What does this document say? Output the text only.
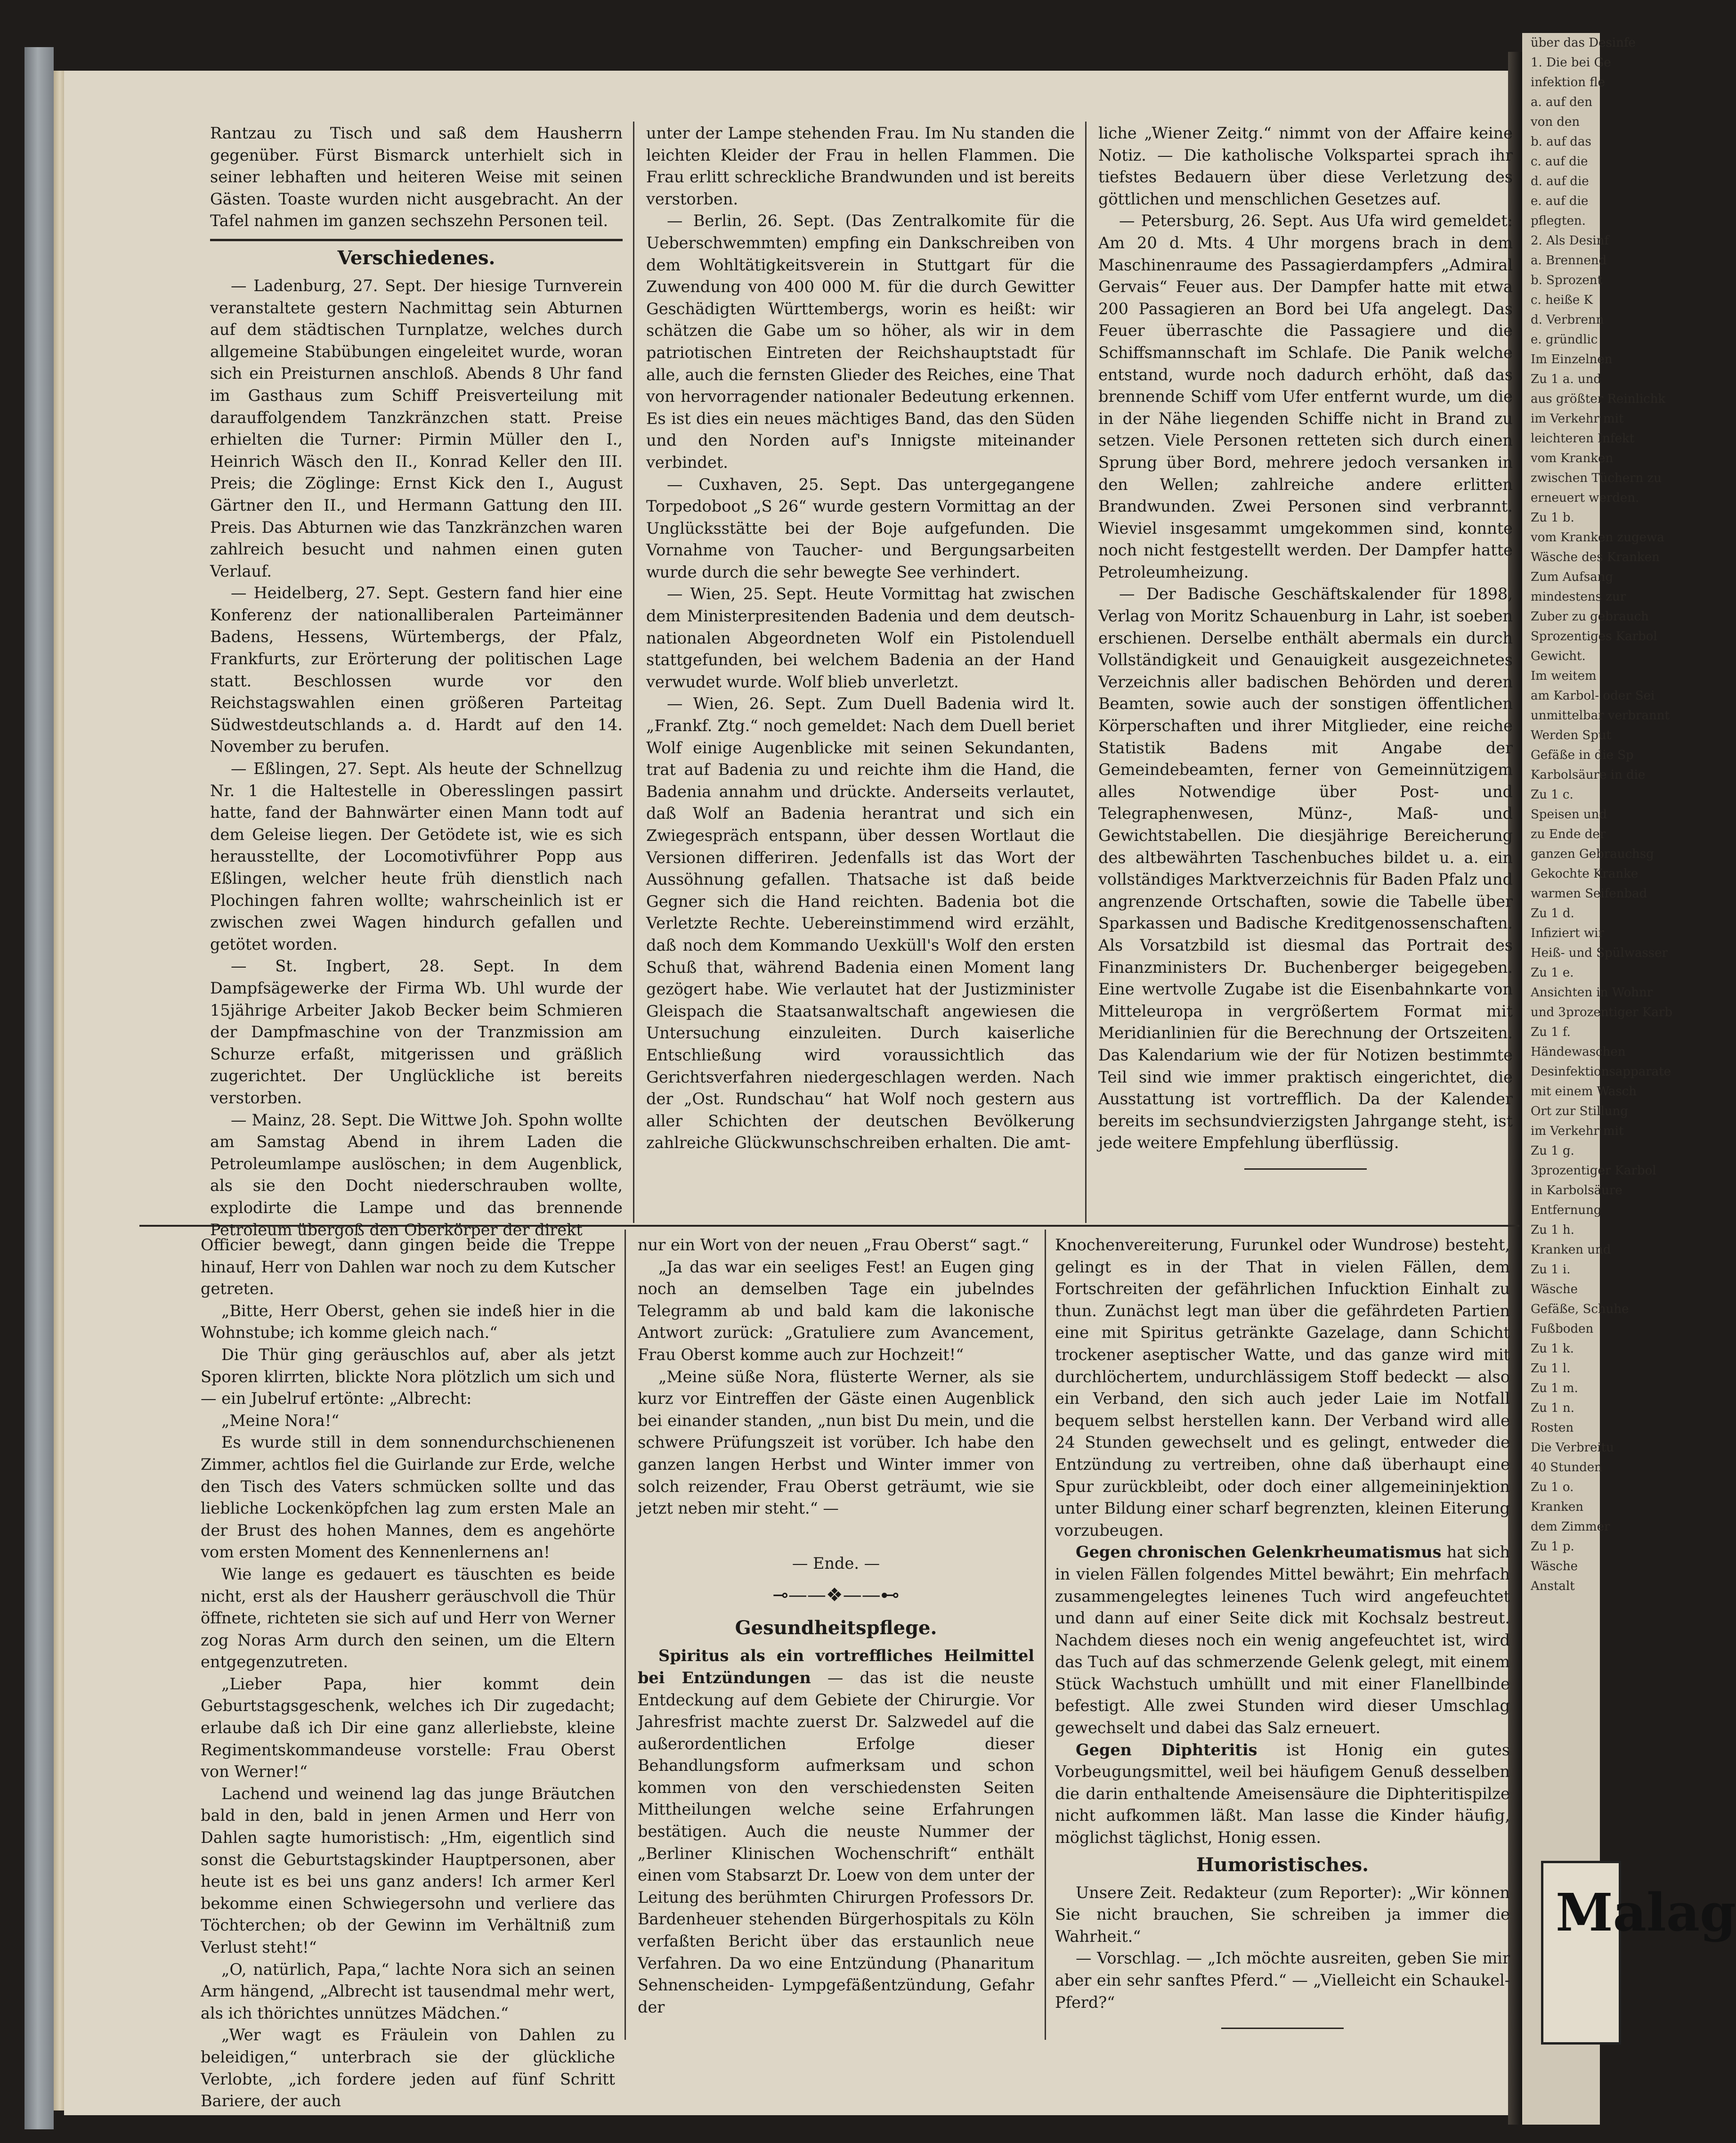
über das Desinfe
1. Die bei Ge
infektion fle
a. auf den
von den
b. auf das
c. auf die
d. auf die
e. auf die
pflegten.
2. Als Desinf
a. Brennend
b. Sprozent
c. heiße K
d. Verbrenn
e. gründlic
Im Einzelnen
Zu 1 a. und
aus größter Reinlichk
im Verkehr mit
leichteren Infekt
vom Kranken
zwischen Tüchern zu
erneuert werden.
Zu 1 b.
vom Kranken zugewa
Wäsche des Kranken
Zum Aufsang
mindestens zur
Zuber zu gebrauch
Sprozentiges Karbol
Gewicht.
Im weitem
am Karbol- oder Sei
unmittelbar verbrannt
Werden Sput
Gefäße in die Sp
Karbolsäure in die
Zu 1 c.
Speisen und
zu Ende der
ganzen Gebrauchsg
Gekochte Kranke
warmen Seifenbad
Zu 1 d.
Infiziert wir
Heiß- und Spülwasser
Zu 1 e.
Ansichten in Wohnr
und 3prozentiger Karb
Zu 1 f.
Händewaschen
Desinfektionsapparate
mit einem Wasch
Ort zur Stillung
im Verkehr mit
Zu 1 g.
3prozentiger Karbol
in Karbolsäure
Entfernung
Zu 1 h.
Kranken und
Zu 1 i.
Wäsche
Gefäße, Schuhe
Fußboden
Zu 1 k.
Zu 1 l.
Zu 1 m.
Zu 1 n.
Rosten
Die Verbreitu
40 Stunden
Zu 1 o.
Kranken
dem Zimmer
Zu 1 p.
Wäsche
Anstalt
Malag

Rantzau zu Tisch und saß dem Hausherrn gegenüber. Fürst Bismarck unterhielt sich in seiner lebhaften und heiteren Weise mit seinen Gästen. Toaste wurden nicht ausgebracht. An der Tafel nahmen im ganzen sechszehn Personen teil.

Verschiedenes.

— Ladenburg, 27. Sept. Der hiesige Turnverein veranstaltete gestern Nachmittag sein Abturnen auf dem städtischen Turnplatze, welches durch allgemeine Stabübungen eingeleitet wurde, woran sich ein Preisturnen anschloß. Abends 8 Uhr fand im Gasthaus zum Schiff Preisverteilung mit darauffolgendem Tanzkränzchen statt. Preise erhielten die Turner: Pirmin Müller den I., Heinrich Wäsch den II., Konrad Keller den III. Preis; die Zöglinge: Ernst Kick den I., August Gärtner den II., und Hermann Gattung den III. Preis. Das Abturnen wie das Tanzkränzchen waren zahlreich besucht und nahmen einen guten Verlauf.

— Heidelberg, 27. Sept. Gestern fand hier eine Konferenz der nationalliberalen Parteimänner Badens, Hessens, Würtembergs, der Pfalz, Frankfurts, zur Erörterung der politischen Lage statt. Beschlossen wurde vor den Reichstagswahlen einen größeren Parteitag Südwestdeutschlands a. d. Hardt auf den 14. November zu berufen.

— Eßlingen, 27. Sept. Als heute der Schnellzug Nr. 1 die Haltestelle in Oberesslingen passirt hatte, fand der Bahnwärter einen Mann todt auf dem Geleise liegen. Der Getödete ist, wie es sich herausstellte, der Locomotivführer Popp aus Eßlingen, welcher heute früh dienstlich nach Plochingen fahren wollte; wahrscheinlich ist er zwischen zwei Wagen hindurch gefallen und getötet worden.

— St. Ingbert, 28. Sept. In dem Dampfsägewerke der Firma Wb. Uhl wurde der 15jährige Arbeiter Jakob Becker beim Schmieren der Dampfmaschine von der Tranzmission am Schurze erfaßt, mitgerissen und gräßlich zugerichtet. Der Unglückliche ist bereits verstorben.

— Mainz, 28. Sept. Die Wittwe Joh. Spohn wollte am Samstag Abend in ihrem Laden die Petroleumlampe auslöschen; in dem Augenblick, als sie den Docht niederschrauben wollte, explodirte die Lampe und das brennende Petroleum übergoß den Oberkörper der direkt

unter der Lampe stehenden Frau. Im Nu standen die leichten Kleider der Frau in hellen Flammen. Die Frau erlitt schreckliche Brandwunden und ist bereits verstorben.

— Berlin, 26. Sept. (Das Zentralkomite für die Ueberschwemmten) empfing ein Dankschreiben von dem Wohltätigkeitsverein in Stuttgart für die Zuwendung von 400 000 M. für die durch Gewitter Geschädigten Württembergs, worin es heißt: wir schätzen die Gabe um so höher, als wir in dem patriotischen Eintreten der Reichshauptstadt für alle, auch die fernsten Glieder des Reiches, eine That von hervorragender nationaler Bedeutung erkennen. Es ist dies ein neues mächtiges Band, das den Süden und den Norden auf's Innigste miteinander verbindet.

— Cuxhaven, 25. Sept. Das untergegangene Torpedoboot „S 26“ wurde gestern Vormittag an der Unglücksstätte bei der Boje aufgefunden. Die Vornahme von Taucher- und Bergungsarbeiten wurde durch die sehr bewegte See verhindert.

— Wien, 25. Sept. Heute Vormittag hat zwischen dem Ministerpresitenden Badenia und dem deutsch-nationalen Abgeordneten Wolf ein Pistolenduell stattgefunden, bei welchem Badenia an der Hand verwudet wurde. Wolf blieb unverletzt.

— Wien, 26. Sept. Zum Duell Badenia wird lt. „Frankf. Ztg.“ noch gemeldet: Nach dem Duell beriet Wolf einige Augenblicke mit seinen Sekundanten, trat auf Badenia zu und reichte ihm die Hand, die Badenia annahm und drückte. Anderseits verlautet, daß Wolf an Badenia herantrat und sich ein Zwiegespräch entspann, über dessen Wortlaut die Versionen differiren. Jedenfalls ist das Wort der Aussöhnung gefallen. Thatsache ist daß beide Gegner sich die Hand reichten. Badenia bot die Verletzte Rechte. Uebereinstimmend wird erzählt, daß noch dem Kommando Uexküll's Wolf den ersten Schuß that, während Badenia einen Moment lang gezögert habe. Wie verlautet hat der Justizminister Gleispach die Staatsanwaltschaft angewiesen die Untersuchung einzuleiten. Durch kaiserliche Entschließung wird voraussichtlich das Gerichtsverfahren niedergeschlagen werden. Nach der „Ost. Rundschau“ hat Wolf noch gestern aus aller Schichten der deutschen Bevölkerung zahlreiche Glückwunschschreiben erhalten. Die amt-

liche „Wiener Zeitg.“ nimmt von der Affaire keine Notiz. — Die katholische Volkspartei sprach ihr tiefstes Bedauern über diese Verletzung des göttlichen und menschlichen Gesetzes auf.

— Petersburg, 26. Sept. Aus Ufa wird gemeldet: Am 20 d. Mts. 4 Uhr morgens brach in dem Maschinenraume des Passagierdampfers „Admiral Gervais“ Feuer aus. Der Dampfer hatte mit etwa 200 Passagieren an Bord bei Ufa angelegt. Das Feuer überraschte die Passagiere und die Schiffsmannschaft im Schlafe. Die Panik welche entstand, wurde noch dadurch erhöht, daß das brennende Schiff vom Ufer entfernt wurde, um die in der Nähe liegenden Schiffe nicht in Brand zu setzen. Viele Personen retteten sich durch einen Sprung über Bord, mehrere jedoch versanken in den Wellen; zahlreiche andere erlitten Brandwunden. Zwei Personen sind verbrannt. Wieviel insgesammt umgekommen sind, konnte noch nicht festgestellt werden. Der Dampfer hatte Petroleumheizung.

— Der Badische Geschäftskalender für 1898, Verlag von Moritz Schauenburg in Lahr, ist soeben erschienen. Derselbe enthält abermals ein durch Vollständigkeit und Genauigkeit ausgezeichnetes Verzeichnis aller badischen Behörden und deren Beamten, sowie auch der sonstigen öffentlichen Körperschaften und ihrer Mitglieder, eine reiche Statistik Badens mit Angabe der Gemeindebeamten, ferner von Gemeinnützigem alles Notwendige über Post- und Telegraphenwesen, Münz-, Maß- und Gewichtstabellen. Die diesjährige Bereicherung des altbewährten Taschenbuches bildet u. a. ein vollständiges Marktverzeichnis für Baden Pfalz und angrenzende Ortschaften, sowie die Tabelle über Sparkassen und Badische Kreditgenossenschaften. Als Vorsatzbild ist diesmal das Portrait des Finanzministers Dr. Buchenberger beigegeben. Eine wertvolle Zugabe ist die Eisenbahnkarte von Mitteleuropa in vergrößertem Format mit Meridianlinien für die Berechnung der Ortszeiten. Das Kalendarium wie der für Notizen bestimmte Teil sind wie immer praktisch eingerichtet, die Ausstattung ist vortrefflich. Da der Kalender bereits im sechsundvierzigsten Jahrgange steht, ist jede weitere Empfehlung überflüssig.

Officier bewegt, dann gingen beide die Treppe hinauf, Herr von Dahlen war noch zu dem Kutscher getreten.

„Bitte, Herr Oberst, gehen sie indeß hier in die Wohnstube; ich komme gleich nach.“

Die Thür ging geräuschlos auf, aber als jetzt Sporen klirrten, blickte Nora plötzlich um sich und — ein Jubelruf ertönte: „Albrecht:

„Meine Nora!“

Es wurde still in dem sonnendurchschienenen Zimmer, achtlos fiel die Guirlande zur Erde, welche den Tisch des Vaters schmücken sollte und das liebliche Lockenköpfchen lag zum ersten Male an der Brust des hohen Mannes, dem es angehörte vom ersten Moment des Kennenlernens an!

Wie lange es gedauert es täuschten es beide nicht, erst als der Hausherr geräuschvoll die Thür öffnete, richteten sie sich auf und Herr von Werner zog Noras Arm durch den seinen, um die Eltern entgegenzutreten.

„Lieber Papa, hier kommt dein Geburtstagsgeschenk, welches ich Dir zugedacht; erlaube daß ich Dir eine ganz allerliebste, kleine Regimentskommandeuse vorstelle: Frau Oberst von Werner!“

Lachend und weinend lag das junge Bräutchen bald in den, bald in jenen Armen und Herr von Dahlen sagte humoristisch: „Hm, eigentlich sind sonst die Geburtstagskinder Hauptpersonen, aber heute ist es bei uns ganz anders! Ich armer Kerl bekomme einen Schwiegersohn und verliere das Töchterchen; ob der Gewinn im Verhältniß zum Verlust steht!“

„O, natürlich, Papa,“ lachte Nora sich an seinen Arm hängend, „Albrecht ist tausendmal mehr wert, als ich thörichtes unnützes Mädchen.“

„Wer wagt es Fräulein von Dahlen zu beleidigen,“ unterbrach sie der glückliche Verlobte, „ich fordere jeden auf fünf Schritt Bariere, der auch

nur ein Wort von der neuen „Frau Oberst“ sagt.“

„Ja das war ein seeliges Fest! an Eugen ging noch an demselben Tage ein jubelndes Telegramm ab und bald kam die lakonische Antwort zurück: „Gratuliere zum Avancement, Frau Oberst komme auch zur Hochzeit!“

„Meine süße Nora, flüsterte Werner, als sie kurz vor Eintreffen der Gäste einen Augenblick bei einander standen, „nun bist Du mein, und die schwere Prüfungszeit ist vorüber. Ich habe den ganzen langen Herbst und Winter immer von solch reizender, Frau Oberst geträumt, wie sie jetzt neben mir steht.“ —

— Ende. —

⊸——❖——⊷
Gesundheitspflege.

Spiritus als ein vortreffliches Heilmittel bei Entzündungen — das ist die neuste Entdeckung auf dem Gebiete der Chirurgie. Vor Jahresfrist machte zuerst Dr. Salzwedel auf die außerordentlichen Erfolge dieser Behandlungsform aufmerksam und schon kommen von den verschiedensten Seiten Mittheilungen welche seine Erfahrungen bestätigen. Auch die neuste Nummer der „Berliner Klinischen Wochenschrift“ enthält einen vom Stabsarzt Dr. Loew von dem unter der Leitung des berühmten Chirurgen Professors Dr. Bardenheuer stehenden Bürgerhospitals zu Köln verfaßten Bericht über das erstaunlich neue Verfahren. Da wo eine Entzündung (Phanaritum Sehnenscheiden- Lympgefäßentzündung, Gefahr der

Knochenvereiterung, Furunkel oder Wundrose) besteht, gelingt es in der That in vielen Fällen, dem Fortschreiten der gefährlichen Infucktion Einhalt zu thun. Zunächst legt man über die gefährdeten Partien eine mit Spiritus getränkte Gazelage, dann Schicht trockener aseptischer Watte, und das ganze wird mit durchlöchertem, undurchlässigem Stoff bedeckt — also ein Verband, den sich auch jeder Laie im Notfall bequem selbst herstellen kann. Der Verband wird alle 24 Stunden gewechselt und es gelingt, entweder die Entzündung zu vertreiben, ohne daß überhaupt eine Spur zurückbleibt, oder doch einer allgemeininjektion unter Bildung einer scharf begrenzten, kleinen Eiterung vorzubeugen.

Gegen chronischen Gelenkrheumatismus hat sich in vielen Fällen folgendes Mittel bewährt; Ein mehrfach zusammengelegtes leinenes Tuch wird angefeuchtet und dann auf einer Seite dick mit Kochsalz bestreut. Nachdem dieses noch ein wenig angefeuchtet ist, wird das Tuch auf das schmerzende Gelenk gelegt, mit einem Stück Wachstuch umhüllt und mit einer Flanellbinde befestigt. Alle zwei Stunden wird dieser Umschlag gewechselt und dabei das Salz erneuert.

Gegen Diphteritis ist Honig ein gutes Vorbeugungsmittel, weil bei häufigem Genuß desselben die darin enthaltende Ameisensäure die Diphteritispilze nicht aufkommen läßt. Man lasse die Kinder häufig, möglichst täglichst, Honig essen.

Humoristisches.

Unsere Zeit. Redakteur (zum Reporter): „Wir können Sie nicht brauchen, Sie schreiben ja immer die Wahrheit.“

— Vorschlag. — „Ich möchte ausreiten, geben Sie mir aber ein sehr sanftes Pferd.“ — „Vielleicht ein Schaukel-Pferd?“
